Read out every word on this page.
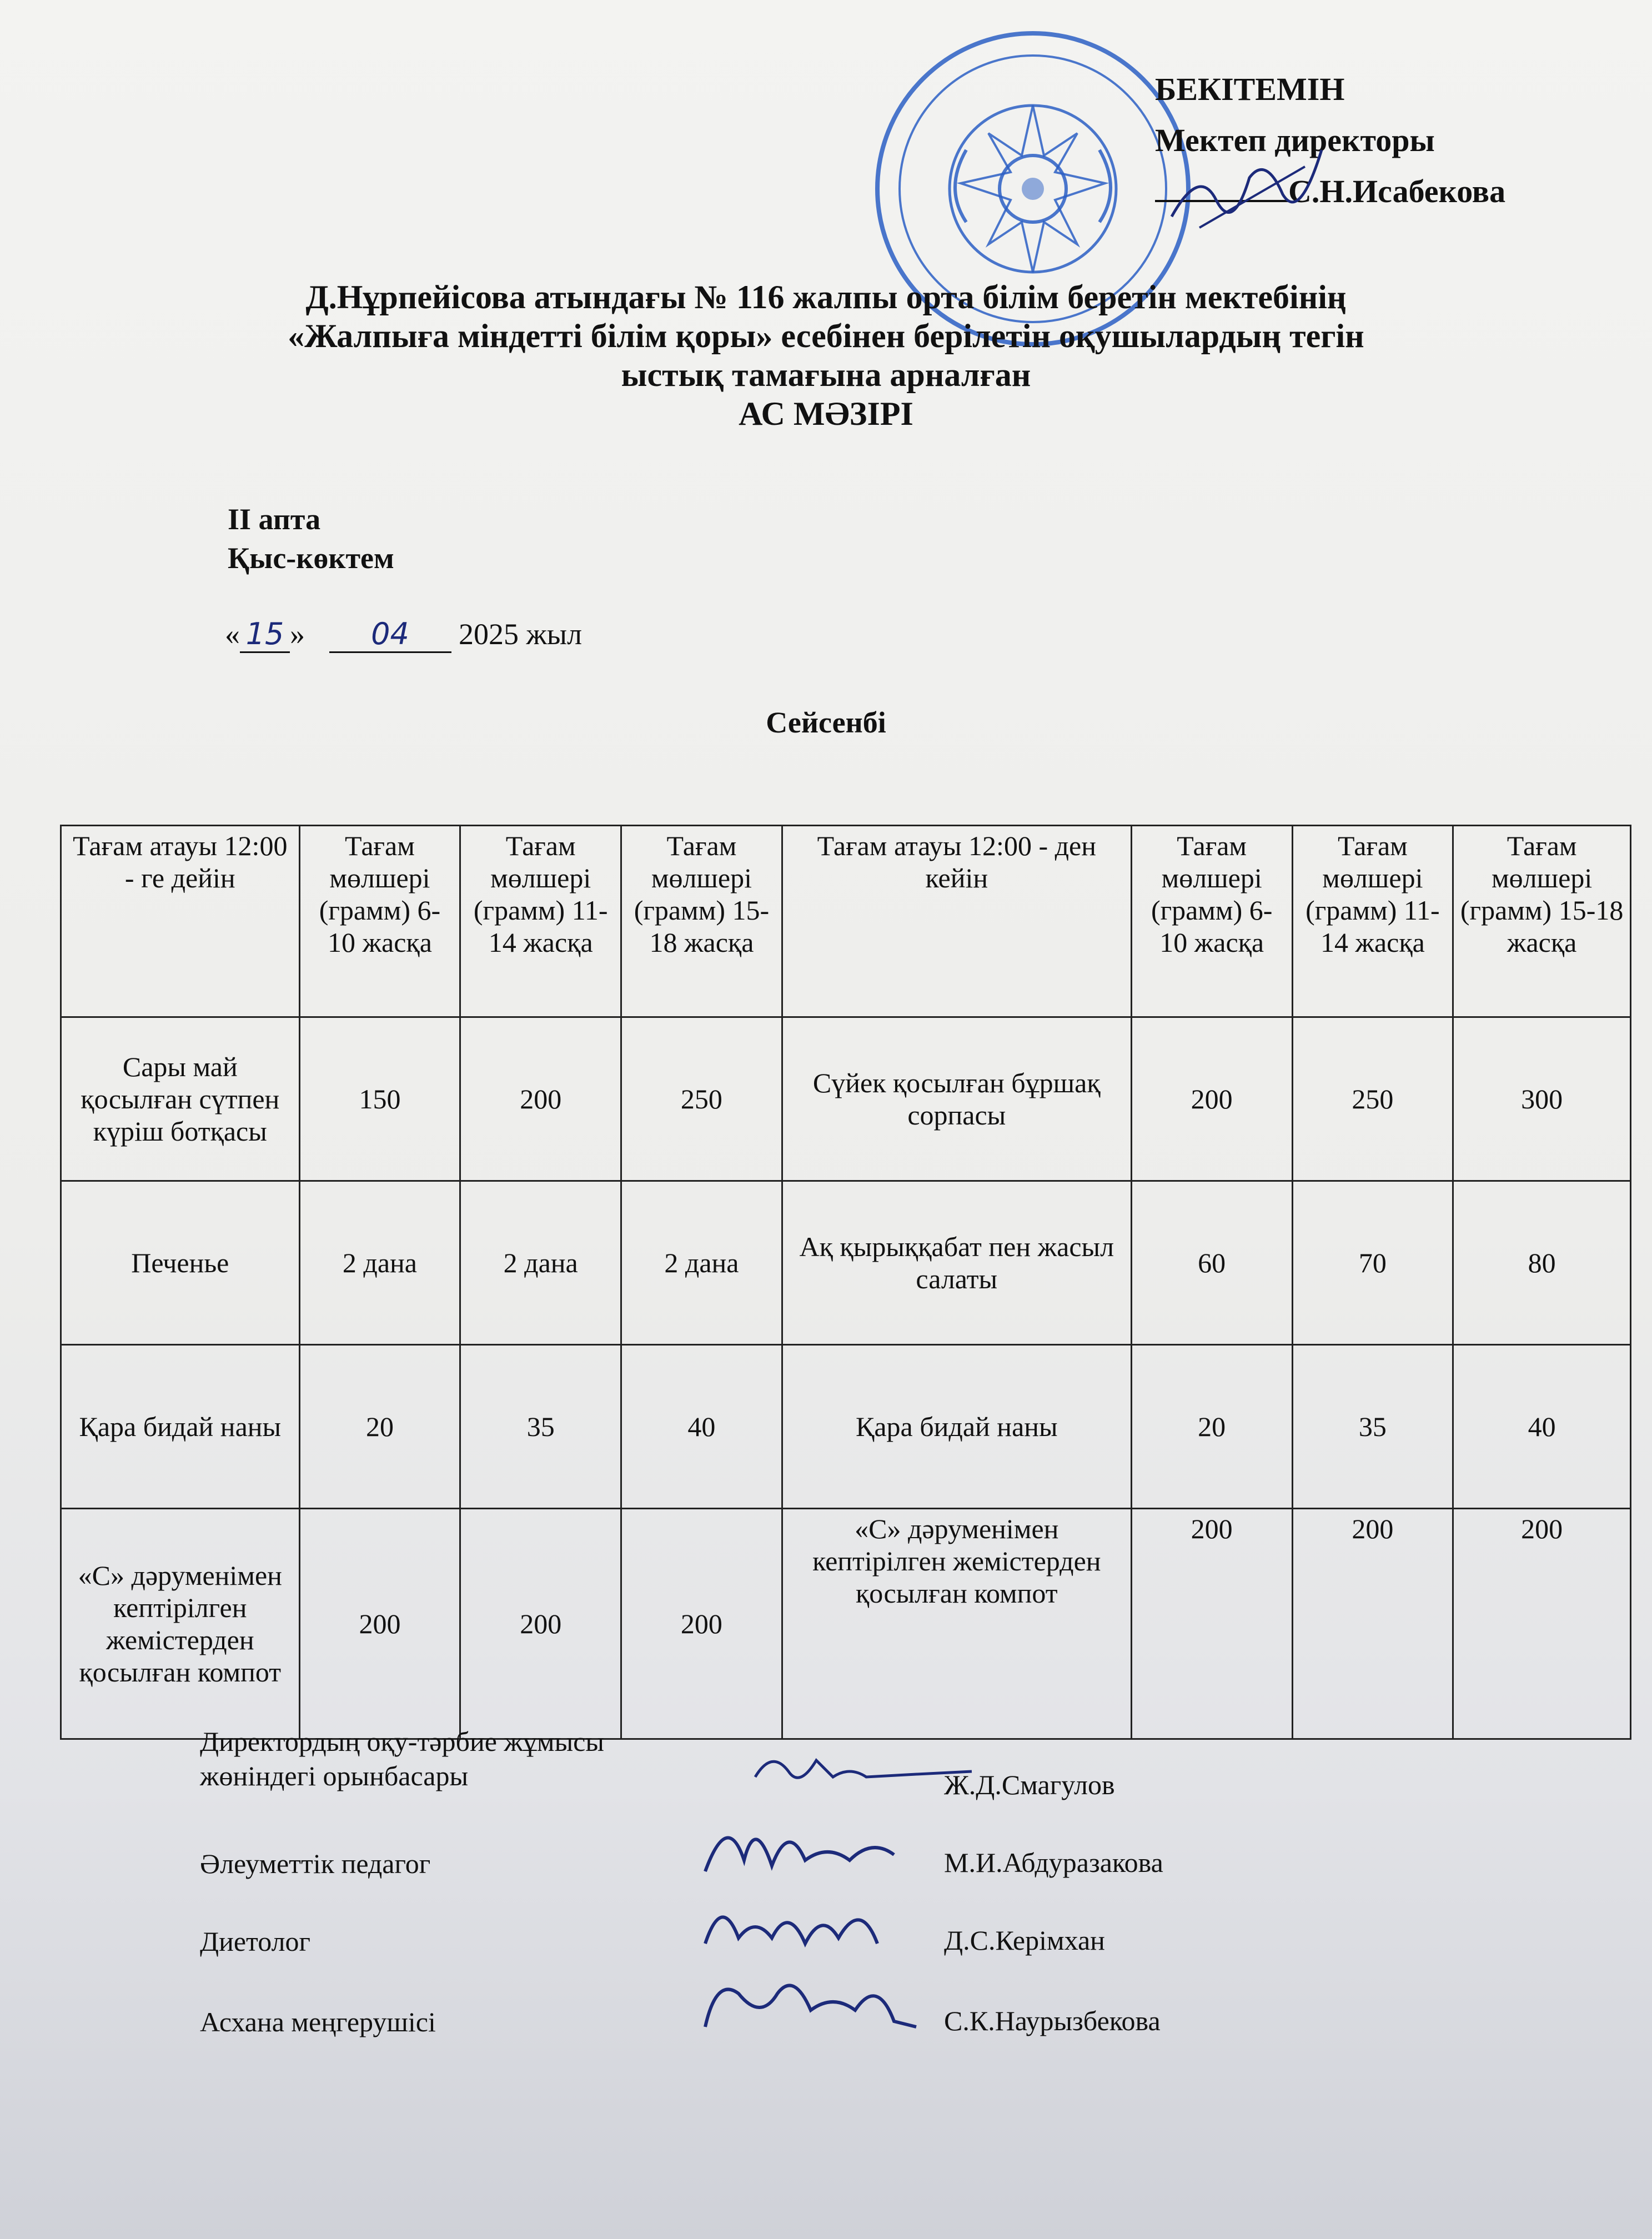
БЕКІТЕМІН
Мектеп директоры
С.Н.Исабекова
Д.Нұрпейісова атындағы № 116 жалпы орта білім беретін мектебінің
«Жалпыға міндетті білім қоры» есебінен берілетін оқушылардың тегін
ыстық тамағына арналған
АС МӘЗІРІ
II апта
Қыс-көктем
« 15 » 04 2025 жыл
Сейсенбі
Тағам атауы 12:00 - ге дейін	Тағам мөлшері (грамм) 6-10 жасқа	Тағам мөлшері (грамм) 11-14 жасқа	Тағам мөлшері (грамм) 15-18 жасқа	Тағам атауы 12:00 - ден кейін	Тағам мөлшері (грамм) 6-10 жасқа	Тағам мөлшері (грамм) 11-14 жасқа	Тағам мөлшері (грамм) 15-18 жасқа
Сары май қосылған сүтпен күріш ботқасы	150	200	250	Сүйек қосылған бұршақ сорпасы	200	250	300
Печенье	2 дана	2 дана	2 дана	Ақ қырыққабат пен жасыл салаты	60	70	80
Қара бидай наны	20	35	40	Қара бидай наны	20	35	40
«С» дәруменімен кептірілген жемістерден қосылған компот	200	200	200	«С» дәруменімен кептірілген жемістерден қосылған компот	200	200	200
Директордың оқу-тәрбие жұмысы
жөніндегі орынбасары	Ж.Д.Смагулов
Әлеуметтік педагог	М.И.Абдуразакова
Диетолог	Д.С.Керімхан
Асхана меңгерушісі	С.К.Наурызбекова
